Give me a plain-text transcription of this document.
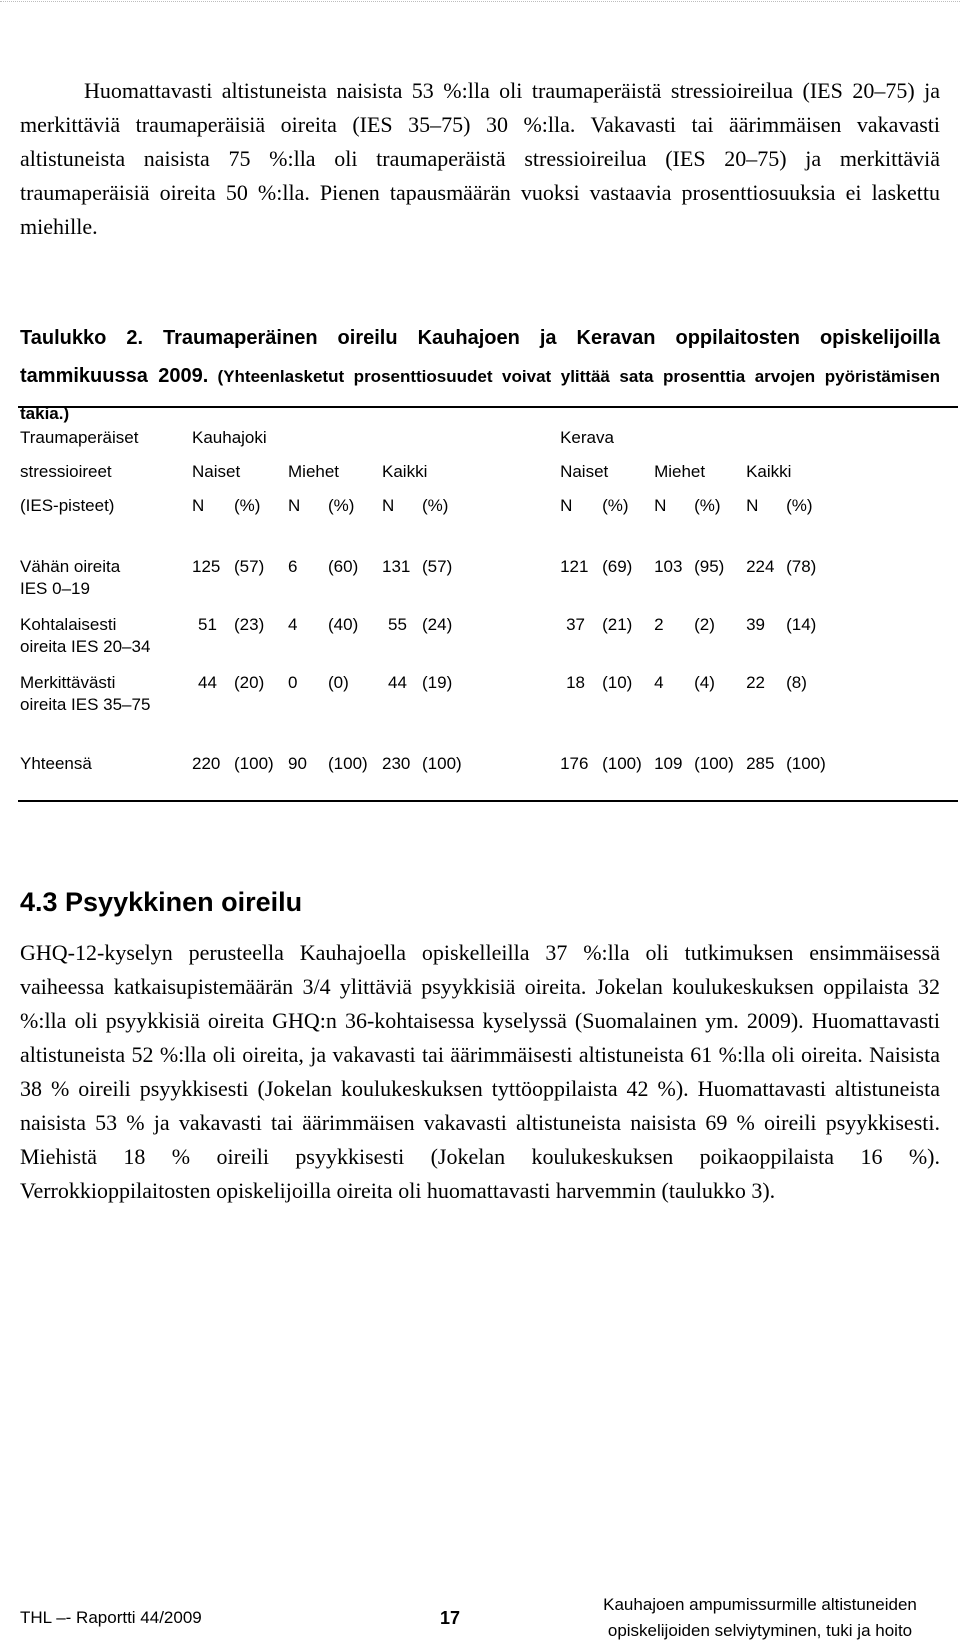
Huomattavasti altistuneista naisista 53 %:lla oli traumaperäistä stressioireilua (IES 20–75) ja merkittäviä traumaperäisiä oireita (IES 35–75) 30 %:lla. Vakavasti tai äärimmäisen vakavasti altistuneista naisista 75 %:lla oli traumaperäistä stressioireilua (IES 20–75) ja merkittäviä traumaperäisiä oireita 50 %:lla. Pienen tapausmäärän vuoksi vastaavia prosenttiosuuksia ei laskettu miehille.

Taulukko 2. Traumaperäinen oireilu Kauhajoen ja Keravan oppilaitosten opiskelijoilla tammikuussa 2009. (Yhteenlasketut prosenttiosuudet voivat ylittää sata prosenttia arvojen pyöristämisen takia.)

Traumaperäiset	Kauhajoki						Kerava					
stressioireet	Naiset		Miehet		Kaikki		Naiset		Miehet		Kaikki	
(IES-pisteet)	N	(%)	N	(%)	N	(%)	N	(%)	N	(%)	N	(%)

Vähän oireita
IES 0–19	125	(57)	6	(60)	131	(57)	121	(69)	103	(95)	224	(78)
Kohtalaisesti
oireita IES 20–34	51	(23)	4	(40)	55	(24)	37	(21)	2	(2)	39	(14)
Merkittävästi
oireita IES 35–75	44	(20)	0	(0)	44	(19)	18	(10)	4	(4)	22	(8)

Yhteensä	220	(100)	90	(100)	230	(100)	176	(100)	109	(100)	285	(100)
4.3 Psyykkinen oireilu

GHQ-12-kyselyn perusteella Kauhajoella opiskelleilla 37 %:lla oli tutkimuksen ensimmäisessä vaiheessa katkaisupistemäärän 3/4 ylittäviä psyykkisiä oireita. Jokelan koulukeskuksen oppilaista 32 %:lla oli psyykkisiä oireita GHQ:n 36-kohtaisessa kyselyssä (Suomalainen ym. 2009). Huomattavasti altistuneista 52 %:lla oli oireita, ja vakavasti tai äärimmäisesti altistuneista 61 %:lla oli oireita. Naisista 38 % oireili psyykkisesti (Jokelan koulukeskuksen tyttöoppilaista 42 %). Huomattavasti altistuneista naisista 53 % ja vakavasti tai äärimmäisen vakavasti altistuneista naisista 69 % oireili psyykkisesti. Miehistä 18 % oireili psyykkisesti (Jokelan koulukeskuksen poikaoppilaista 16 %). Verrokkioppilaitosten opiskelijoilla oireita oli huomattavasti harvemmin (taulukko 3).

THL –- Raportti 44/2009	17
Kauhajoen ampumissurmille altistuneiden
opiskelijoiden selviytyminen, tuki ja hoito
